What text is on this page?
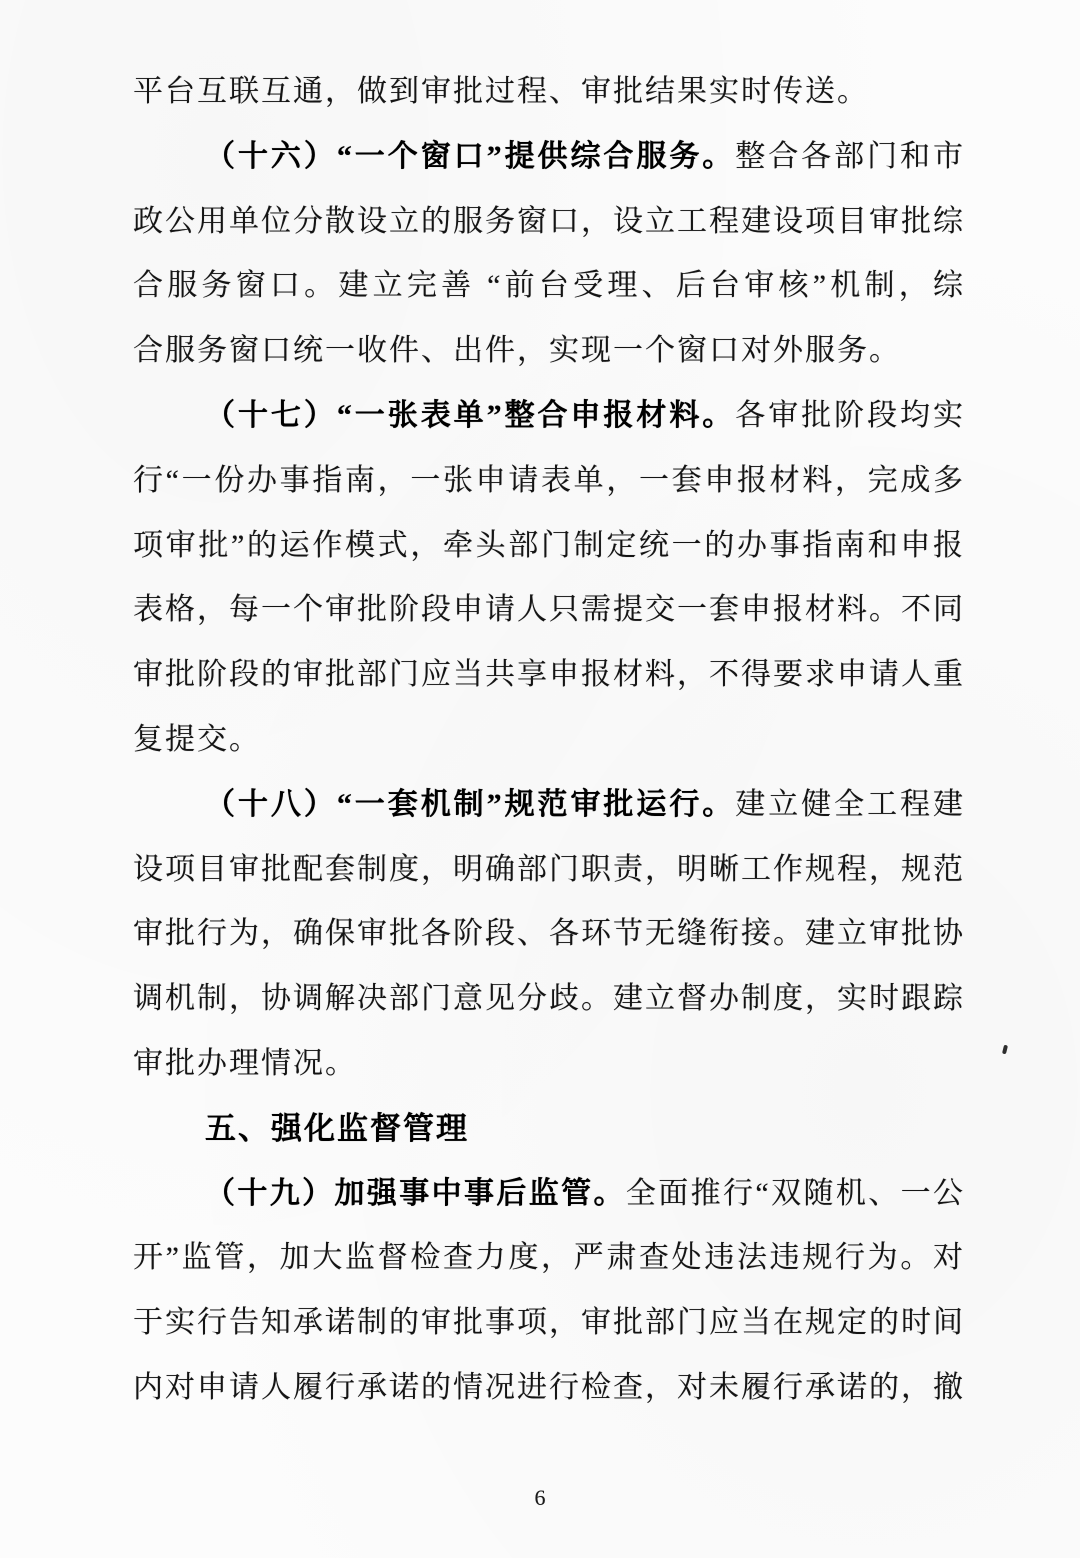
平台互联互通，做到审批过程、审批结果实时传送。
（十六）“一个窗口”提供综合服务。整合各部门和市
政公用单位分散设立的服务窗口，设立工程建设项目审批综
合服务窗口。建立完善 “前台受理、后台审核”机制，综
合服务窗口统一收件、出件，实现一个窗口对外服务。
（十七）“一张表单”整合申报材料。各审批阶段均实
行“一份办事指南，一张申请表单，一套申报材料，完成多
项审批”的运作模式，牵头部门制定统一的办事指南和申报
表格，每一个审批阶段申请人只需提交一套申报材料。不同
审批阶段的审批部门应当共享申报材料，不得要求申请人重
复提交。
（十八）“一套机制”规范审批运行。建立健全工程建
设项目审批配套制度，明确部门职责，明晰工作规程，规范
审批行为，确保审批各阶段、各环节无缝衔接。建立审批协
调机制，协调解决部门意见分歧。建立督办制度，实时跟踪
审批办理情况。
五、强化监督管理
（十九）加强事中事后监管。全面推行“双随机、一公
开”监管，加大监督检查力度，严肃查处违法违规行为。对
于实行告知承诺制的审批事项，审批部门应当在规定的时间
内对申请人履行承诺的情况进行检查，对未履行承诺的，撤
6
